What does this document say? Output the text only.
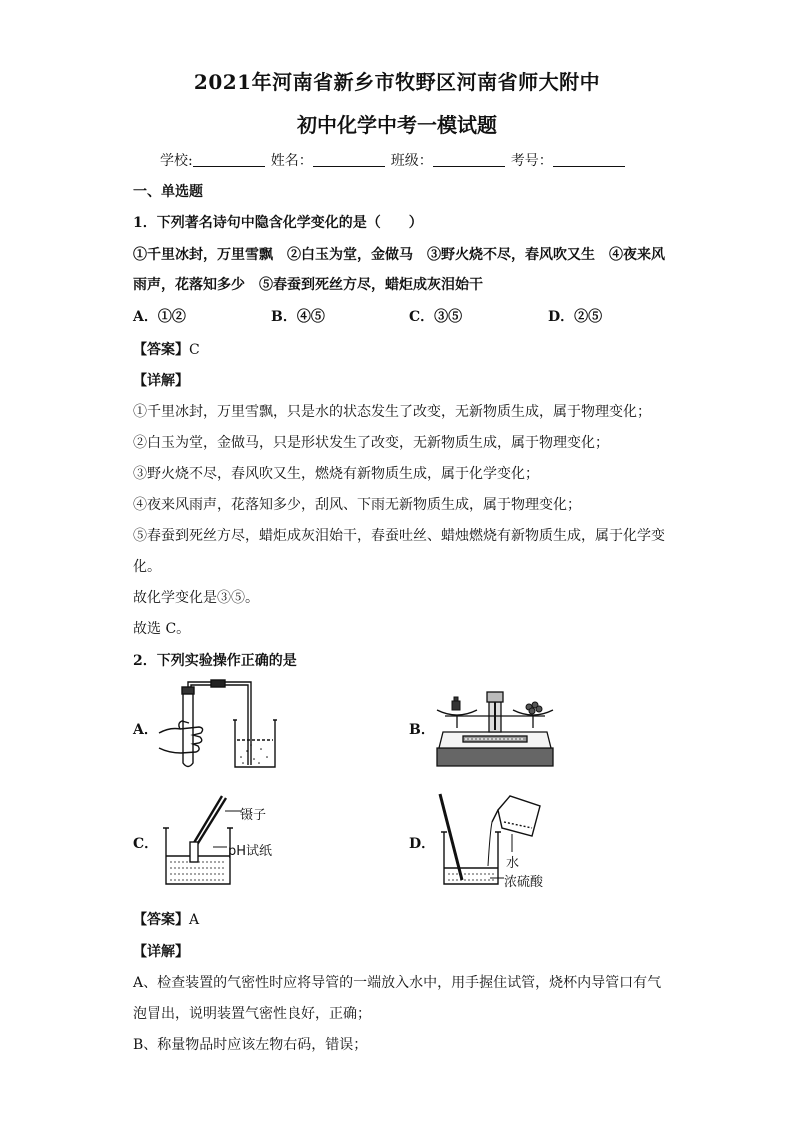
2021年河南省新乡市牧野区河南省师大附中
初中化学中考一模试题
学校:	姓名：	班级：	考号：
一、单选题
1．下列著名诗句中隐含化学变化的是（　　）
①千里冰封，万里雪飘　②白玉为堂，金做马　③野火烧不尽，春风吹又生　④夜来风
雨声，花落知多少　⑤春蚕到死丝方尽，蜡炬成灰泪始干
A．①②	B．④⑤	C．③⑤	D．②⑤
【答案】C
【详解】
①千里冰封，万里雪飘，只是水的状态发生了改变，无新物质生成，属于物理变化；
②白玉为堂，金做马，只是形状发生了改变，无新物质生成，属于物理变化；
③野火烧不尽，春风吹又生，燃烧有新物质生成，属于化学变化；
④夜来风雨声，花落知多少，刮风、下雨无新物质生成，属于物理变化；
⑤春蚕到死丝方尽，蜡炬成灰泪始干，春蚕吐丝、蜡烛燃烧有新物质生成，属于化学变
化。
故化学变化是③⑤。
故选 C。
2．下列实验操作正确的是
A．	B．
C．	D．
镊子
pH试纸
水
浓硫酸
【答案】A
【详解】
A、检查装置的气密性时应将导管的一端放入水中，用手握住试管，烧杯内导管口有气
泡冒出，说明装置气密性良好，正确；
B、称量物品时应该左物右码，错误；
